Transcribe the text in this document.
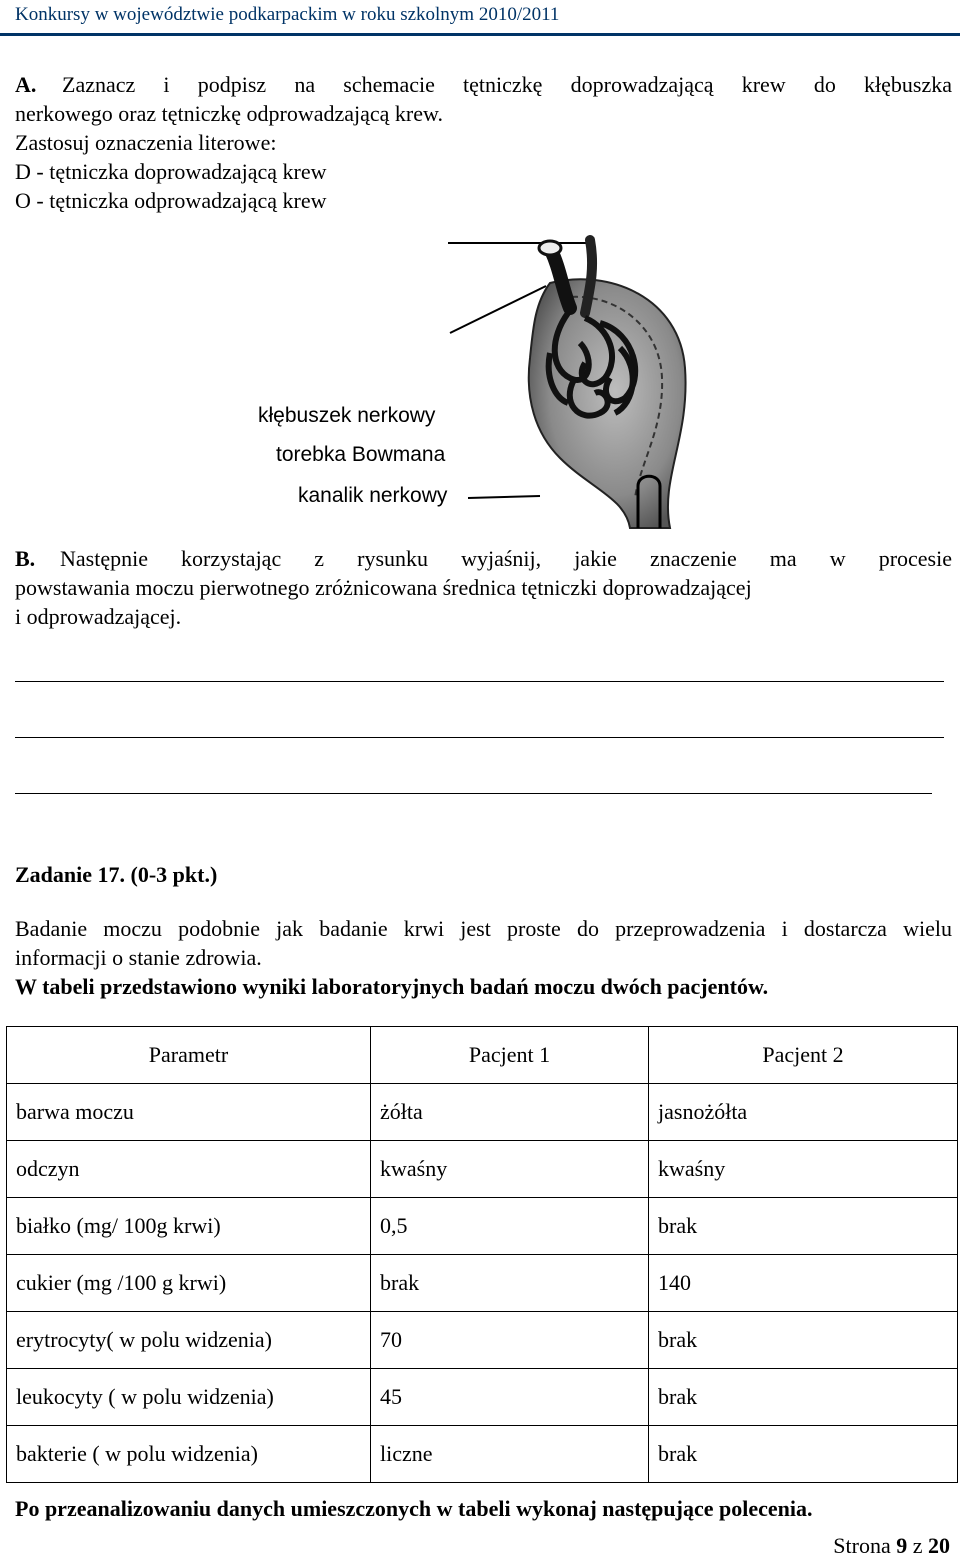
Konkursy w województwie podkarpackim w roku szkolnym 2010/2011
A. Zaznacz i podpisz na schemacie tętniczkę doprowadzającą krew do kłębuszka
nerkowego oraz tętniczkę odprowadzającą krew.
Zastosuj oznaczenia literowe:
D - tętniczka doprowadzającą krew
O - tętniczka odprowadzającą krew
kłębuszek nerkowy
torebka Bowmana
kanalik nerkowy
B. Następnie korzystając z rysunku wyjaśnij, jakie znaczenie ma w procesie
powstawania moczu pierwotnego zróżnicowana średnica tętniczki doprowadzającej
i odprowadzającej.
Zadanie 17. (0-3 pkt.)
Badanie moczu podobnie jak badanie krwi jest proste do przeprowadzenia i dostarcza wielu
informacji o stanie zdrowia.
W tabeli przedstawiono wyniki laboratoryjnych badań moczu dwóch pacjentów.
Parametr	Pacjent 1	Pacjent 2
barwa moczu	żółta	jasnożółta
odczyn	kwaśny	kwaśny
białko (mg/ 100g krwi)	0,5	brak
cukier (mg /100 g krwi)	brak	140
erytrocyty( w polu widzenia)	70	brak
leukocyty ( w polu widzenia)	45	brak
bakterie ( w polu widzenia)	liczne	brak
Po przeanalizowaniu danych umieszczonych w tabeli wykonaj następujące polecenia.
Strona 9 z 20
